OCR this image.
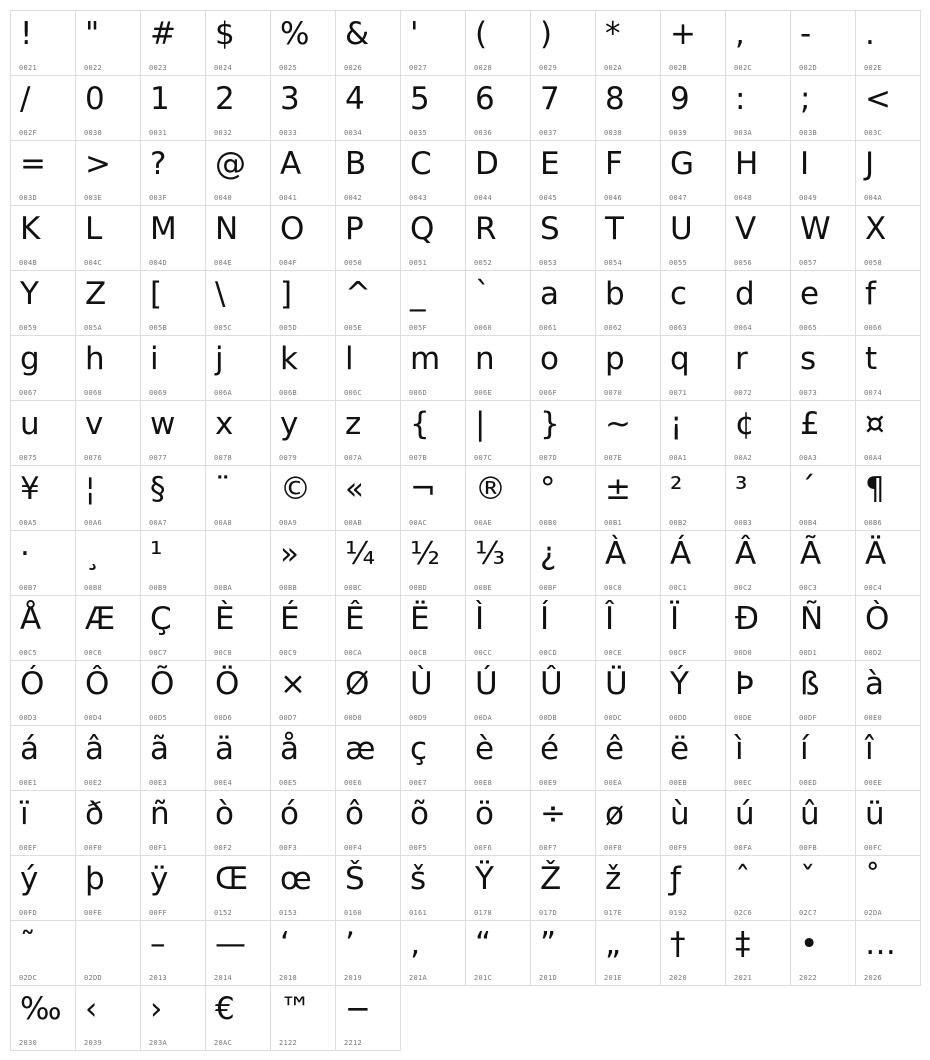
!
0021
"
0022
#
0023
$
0024
%
0025
&
0026
'
0027
(
0028
)
0029
*
002A
+
002B
,
002C
-
002D
.
002E
/
002F
0
0030
1
0031
2
0032
3
0033
4
0034
5
0035
6
0036
7
0037
8
0038
9
0039
:
003A
;
003B
<
003C
=
003D
>
003E
?
003F
@
0040
A
0041
B
0042
C
0043
D
0044
E
0045
F
0046
G
0047
H
0048
I
0049
J
004A
K
004B
L
004C
M
004D
N
004E
O
004F
P
0050
Q
0051
R
0052
S
0053
T
0054
U
0055
V
0056
W
0057
X
0058
Y
0059
Z
005A
[
005B
\
005C
]
005D
^
005E
_
005F
`
0060
a
0061
b
0062
c
0063
d
0064
e
0065
f
0066
g
0067
h
0068
i
0069
j
006A
k
006B
l
006C
m
006D
n
006E
o
006F
p
0070
q
0071
r
0072
s
0073
t
0074
u
0075
v
0076
w
0077
x
0078
y
0079
z
007A
{
007B
|
007C
}
007D
~
007E
¡
00A1
¢
00A2
£
00A3
¤
00A4
¥
00A5
¦
00A6
§
00A7
¨
00A8
©
00A9
«
00AB
¬
00AC
®
00AE
°
00B0
±
00B1
²
00B2
³
00B3
´
00B4
¶
00B6
·
00B7
¸
00B8
¹
00B9	00BA
»
00BB
¼
00BC
½
00BD
⅓
00BE
¿
00BF
À
00C0
Á
00C1
Â
00C2
Ã
00C3
Ä
00C4
Å
00C5
Æ
00C6
Ç
00C7
È
00C8
É
00C9
Ê
00CA
Ë
00CB
Ì
00CC
Í
00CD
Î
00CE
Ï
00CF
Đ
00D0
Ñ
00D1
Ò
00D2
Ó
00D3
Ô
00D4
Õ
00D5
Ö
00D6
×
00D7
Ø
00D8
Ù
00D9
Ú
00DA
Û
00DB
Ü
00DC
Ý
00DD
Þ
00DE
ß
00DF
à
00E0
á
00E1
â
00E2
ã
00E3
ä
00E4
å
00E5
æ
00E6
ç
00E7
è
00E8
é
00E9
ê
00EA
ë
00EB
ì
00EC
í
00ED
î
00EE
ï
00EF
ð
00F0
ñ
00F1
ò
00F2
ó
00F3
ô
00F4
õ
00F5
ö
00F6
÷
00F7
ø
00F8
ù
00F9
ú
00FA
û
00FB
ü
00FC
ý
00FD
þ
00FE
ÿ
00FF
Œ
0152
œ
0153
Š
0160
š
0161
Ÿ
0178
Ž
017D
ž
017E
ƒ
0192
ˆ
02C6
ˇ
02C7
˚
02DA
˜
02DC	02DD
–
2013
—
2014
‘
2018
’
2019
‚
201A
“
201C
”
201D
„
201E
†
2020
‡
2021
•
2022
…
2026
‰
2030
‹
2039
›
203A
€
20AC
™
2122
−
2212
